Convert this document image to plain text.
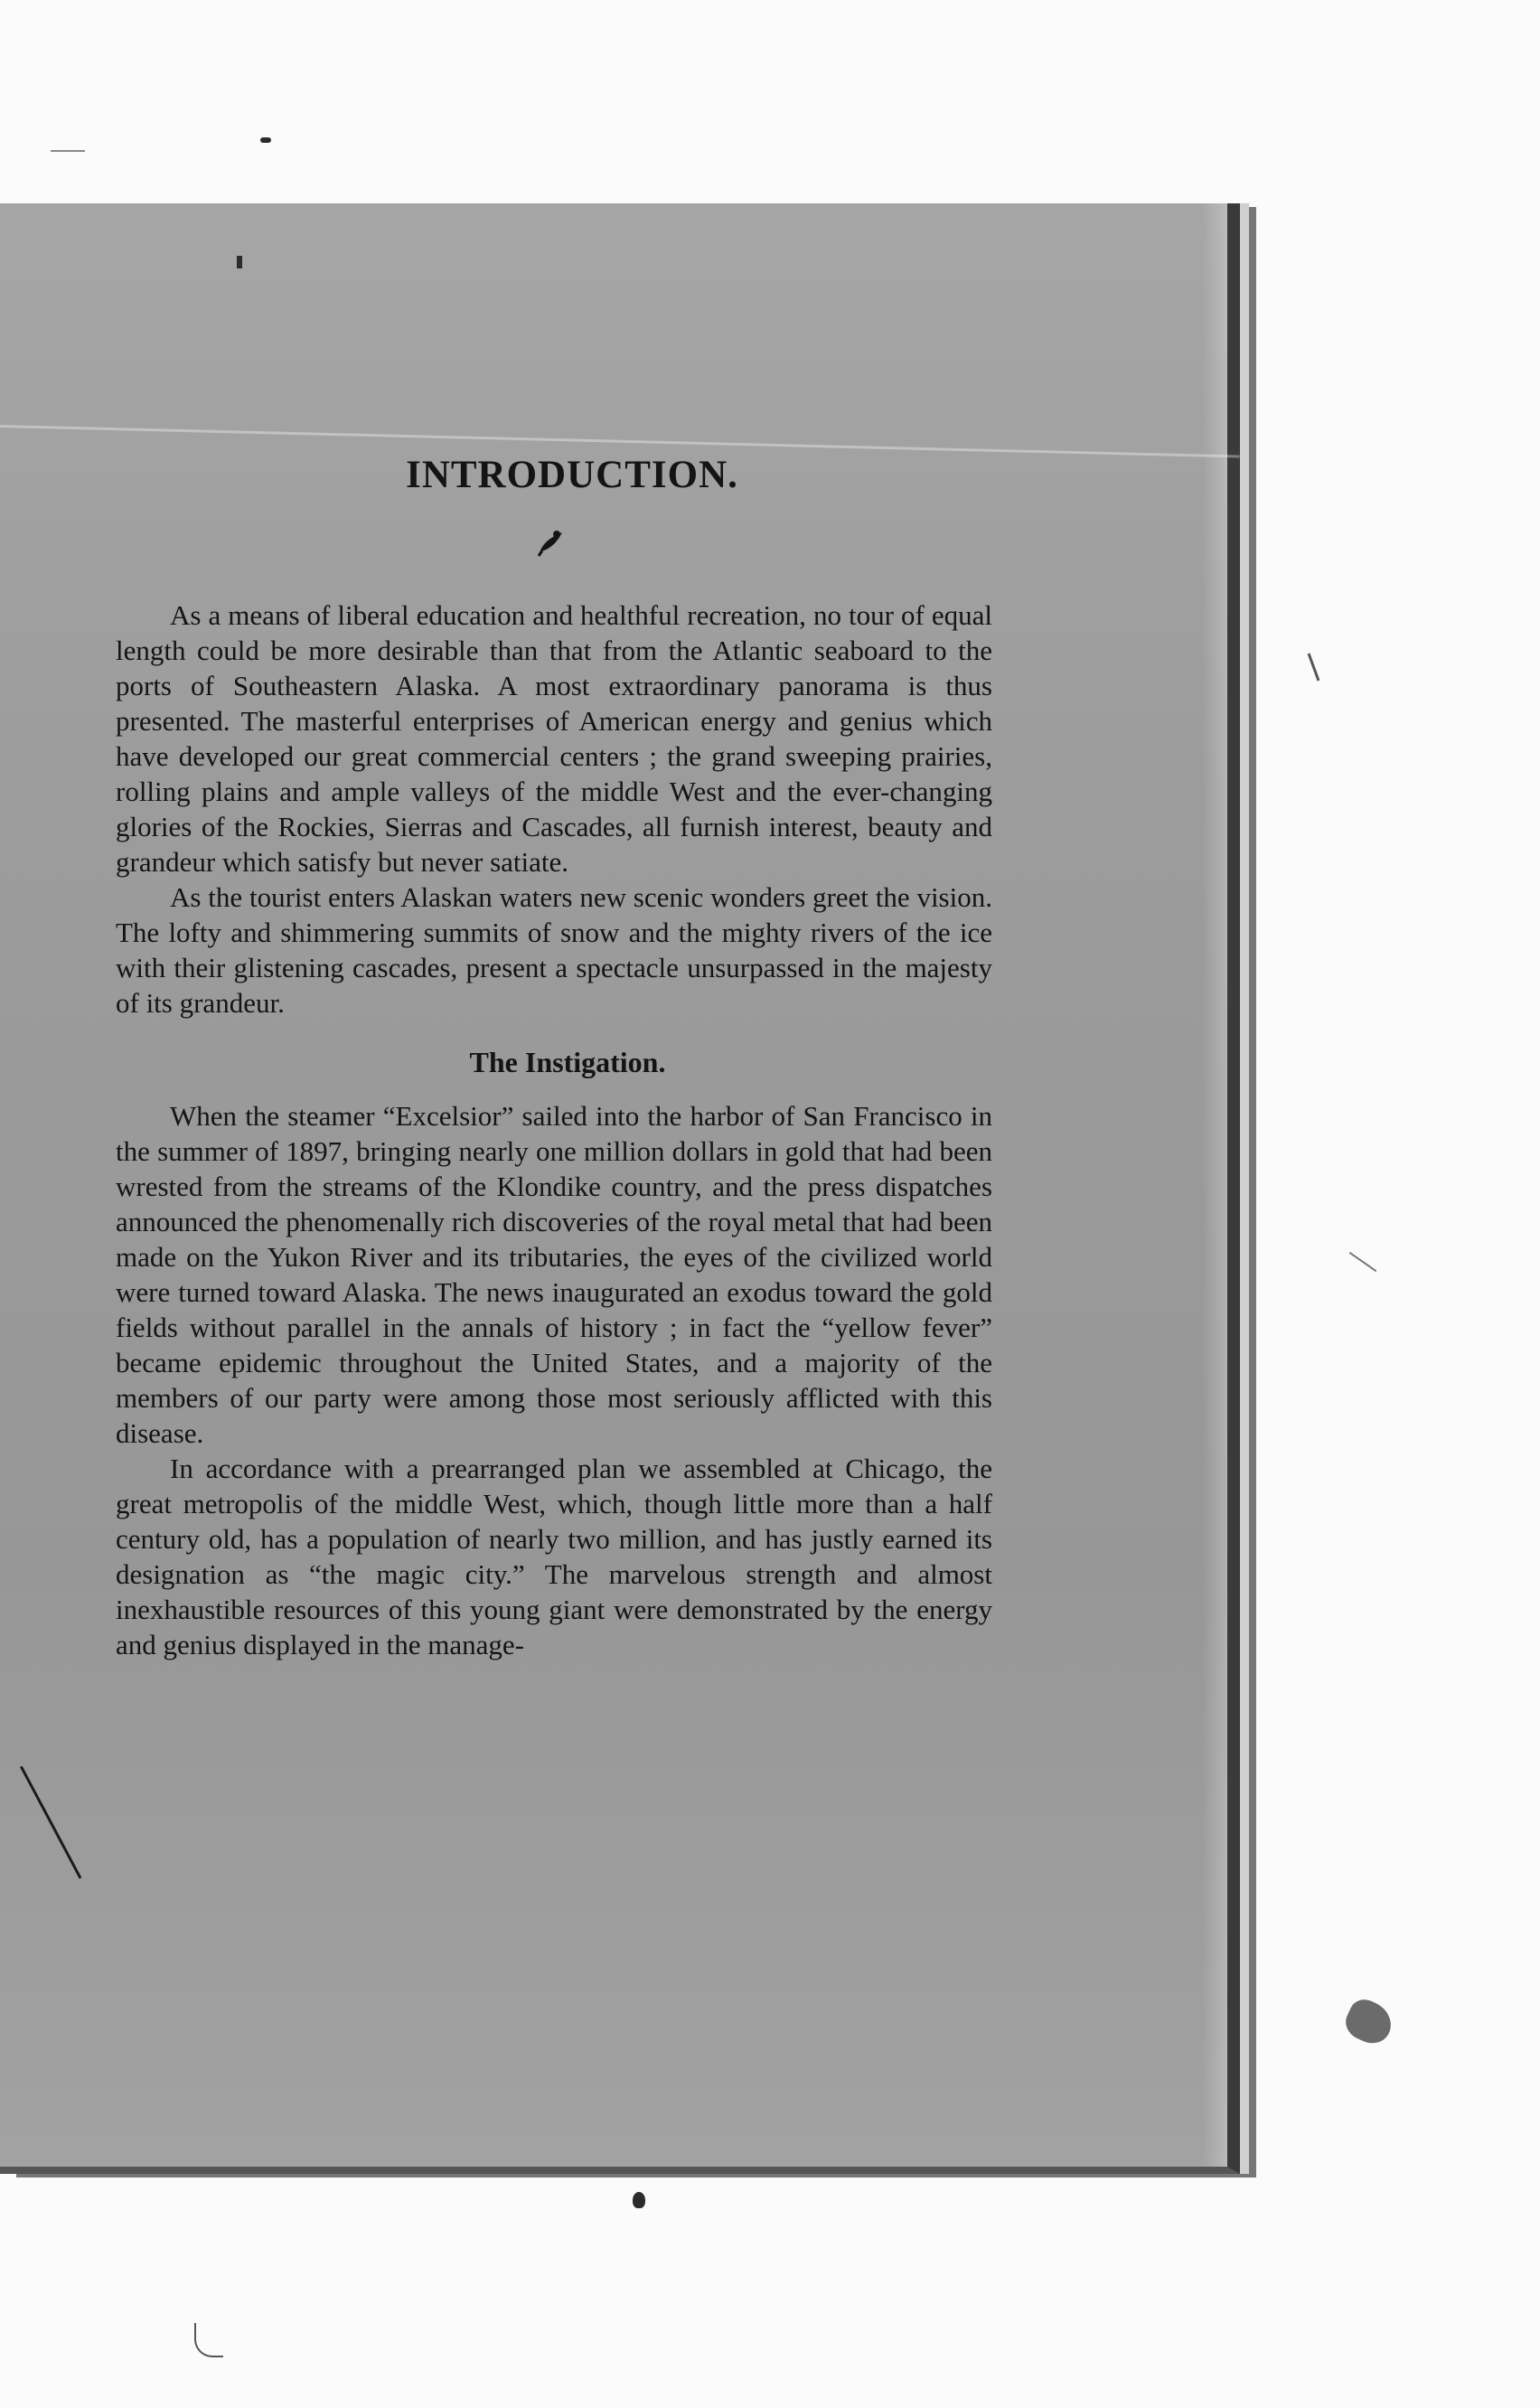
INTRODUCTION.

As a means of liberal education and healthful recreation, no tour of equal length could be more desirable than that from the Atlantic seaboard to the ports of Southeastern Alaska. A most extraordinary panorama is thus presented. The masterful enterprises of American energy and genius which have developed our great commercial centers ; the grand sweeping prairies, rolling plains and ample valleys of the middle West and the ever-changing glories of the Rockies, Sierras and Cascades, all furnish interest, beauty and grandeur which satisfy but never satiate.

As the tourist enters Alaskan waters new scenic wonders greet the vision. The lofty and shimmering summits of snow and the mighty rivers of the ice with their glistening cascades, present a spectacle unsurpassed in the majesty of its grandeur.

The Instigation.

When the steamer “Excelsior” sailed into the harbor of San Francisco in the summer of 1897, bringing nearly one million dollars in gold that had been wrested from the streams of the Klondike country, and the press dispatches announced the phenomenally rich discoveries of the royal metal that had been made on the Yukon River and its tributaries, the eyes of the civilized world were turned toward Alaska. The news inaugurated an exodus toward the gold fields without parallel in the annals of history ; in fact the “yellow fever” became epidemic throughout the United States, and a majority of the members of our party were among those most seriously afflicted with this disease.

In accordance with a prearranged plan we assembled at Chicago, the great metropolis of the middle West, which, though little more than a half century old, has a population of nearly two million, and has justly earned its designation as “the magic city.” The marvelous strength and almost inexhaustible resources of this young giant were demonstrated by the energy and genius displayed in the manage-
